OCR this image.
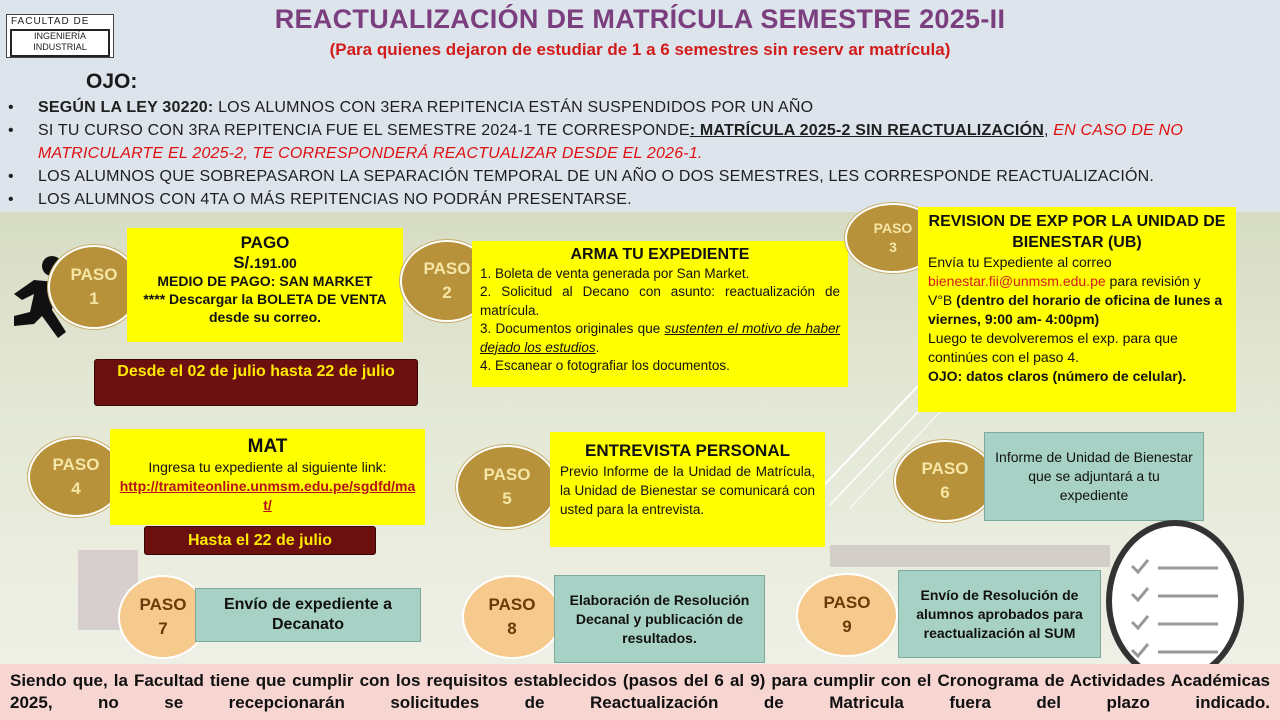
FACULTAD DE
INGENIERÍA INDUSTRIAL
REACTUALIZACIÓN DE MATRÍCULA SEMESTRE 2025-II
(Para quienes dejaron de estudiar de 1 a 6 semestres sin reserv ar matrícula)
OJO:
• SEGÚN LA LEY 30220: LOS ALUMNOS CON 3ERA REPITENCIA ESTÁN SUSPENDIDOS POR UN AÑO
• SI TU CURSO CON 3RA REPITENCIA FUE EL SEMESTRE 2024-1 TE CORRESPONDE: MATRÍCULA 2025-2 SIN REACTUALIZACIÓN, EN CASO DE NO MATRICULARTE EL 2025-2, TE CORRESPONDERÁ REACTUALIZAR DESDE EL 2026-1.
• LOS ALUMNOS QUE SOBREPASARON LA SEPARACIÓN TEMPORAL DE UN AÑO O DOS SEMESTRES, LES CORRESPONDE REACTUALIZACIÓN.
• LOS ALUMNOS CON 4TA O MÁS REPITENCIAS NO PODRÁN PRESENTARSE.
PASO
1
PAGO
S/.191.00
MEDIO DE PAGO: SAN MARKET
**** Descargar la BOLETA DE VENTA desde su correo.
Desde el 02 de julio hasta 22 de julio
PASO
2
ARMA TU EXPEDIENTE
1. Boleta de venta generada por San Market.
2. Solicitud al Decano con asunto: reactualización de matrícula.
3. Documentos originales que sustenten el motivo de haber dejado los estudios.
4. Escanear o fotografiar los documentos.
PASO
3
REVISION DE EXP POR LA UNIDAD DE BIENESTAR (UB)
Envía tu Expediente al correo bienestar.fii@unmsm.edu.pe para revisión y V°B (dentro del horario de oficina de lunes a viernes, 9:00 am- 4:00pm)
Luego te devolveremos el exp. para que continúes con el paso 4.
OJO: datos claros (número de celular).
PASO
4
MAT
Ingresa tu expediente al siguiente link:
http://tramiteonline.unmsm.edu.pe/sgdfd/mat/
Hasta el 22 de julio
PASO
5
ENTREVISTA PERSONAL
Previo Informe de la Unidad de Matrícula, la Unidad de Bienestar se comunicará con usted para la entrevista.
PASO
6
Informe de Unidad de Bienestar que se adjuntará a tu expediente
PASO
7
Envío de expediente a Decanato
PASO
8
Elaboración de Resolución Decanal y publicación de resultados.
PASO
9
Envío de Resolución de alumnos aprobados para reactualización al SUM
Siendo que, la Facultad tiene que cumplir con los requisitos establecidos (pasos del 6 al 9) para cumplir con el Cronograma de Actividades Académicas 2025, no se recepcionarán solicitudes de Reactualización de Matricula fuera del plazo indicado.
